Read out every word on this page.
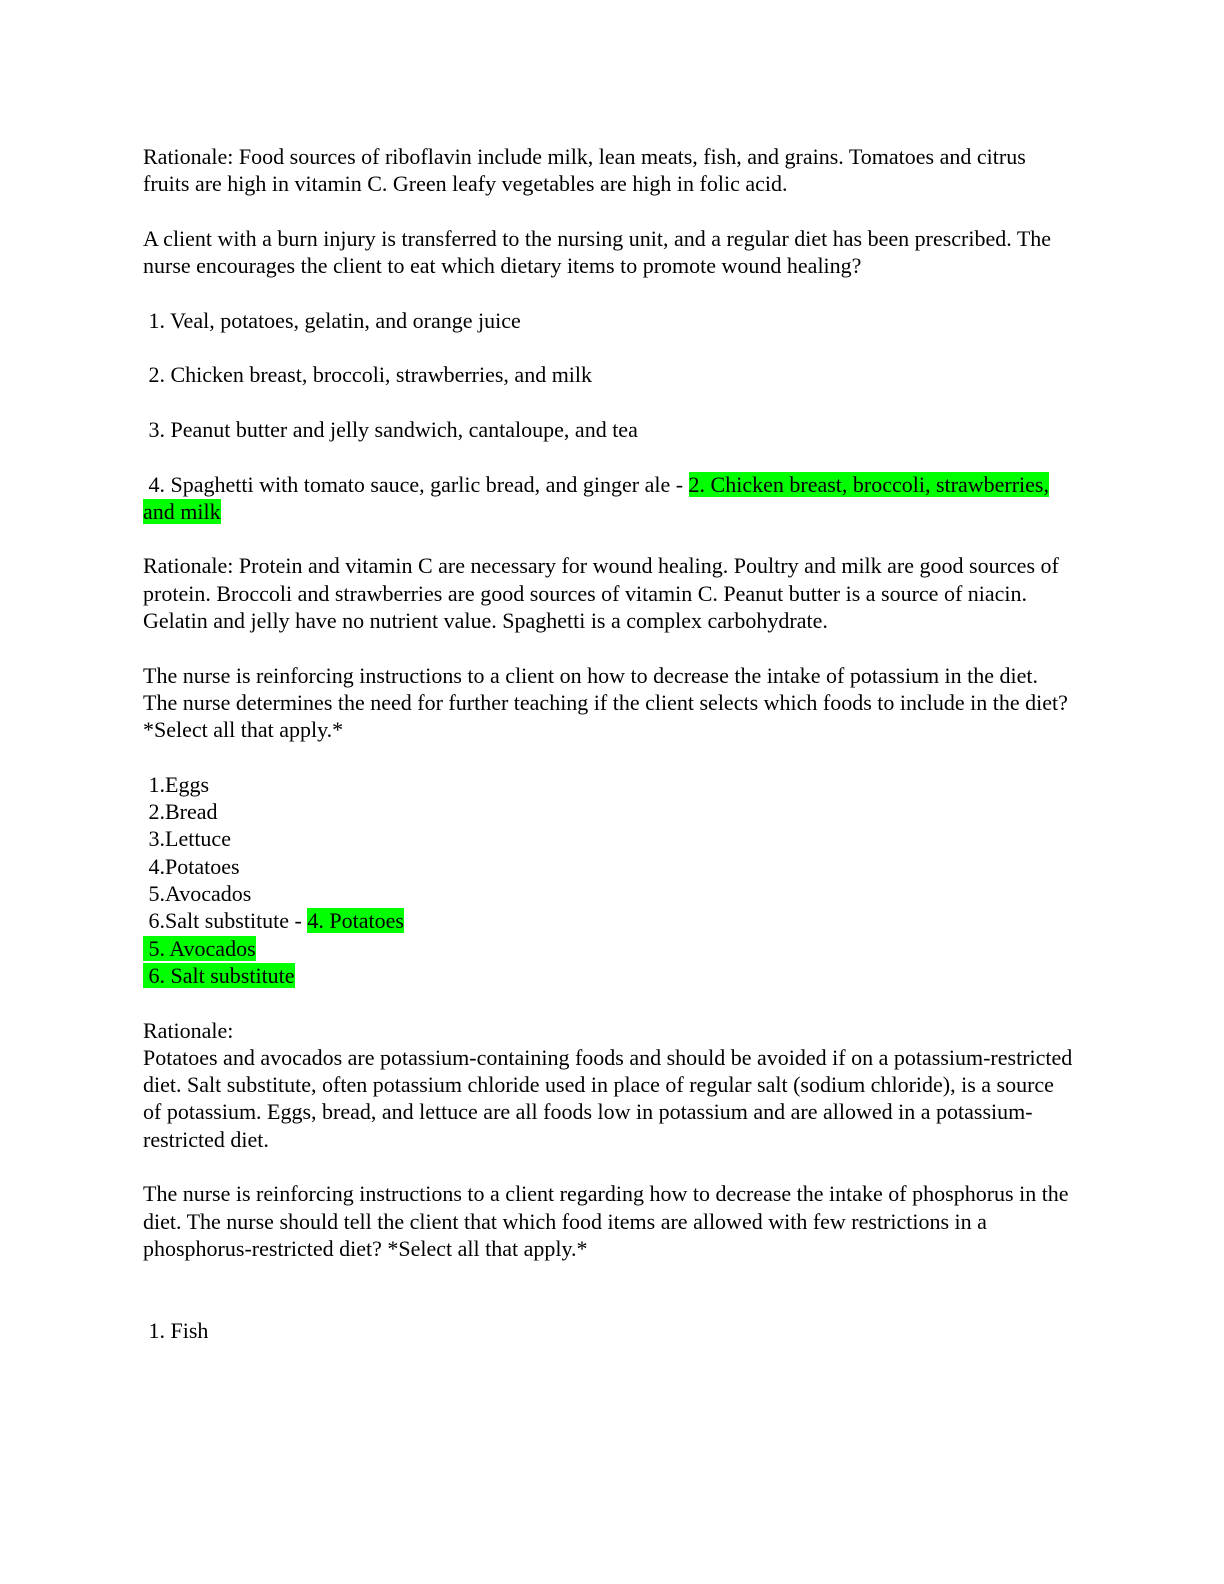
Rationale: Food sources of riboflavin include milk, lean meats, fish, and grains. Tomatoes and citrus fruits are high in vitamin C. Green leafy vegetables are high in folic acid.

A client with a burn injury is transferred to the nursing unit, and a regular diet has been prescribed. The nurse encourages the client to eat which dietary items to promote wound healing?

1. Veal, potatoes, gelatin, and orange juice

2. Chicken breast, broccoli, strawberries, and milk

3. Peanut butter and jelly sandwich, cantaloupe, and tea

4. Spaghetti with tomato sauce, garlic bread, and ginger ale - 2. Chicken breast, broccoli, strawberries, and milk

Rationale: Protein and vitamin C are necessary for wound healing. Poultry and milk are good sources of protein. Broccoli and strawberries are good sources of vitamin C. Peanut butter is a source of niacin. Gelatin and jelly have no nutrient value. Spaghetti is a complex carbohydrate.

The nurse is reinforcing instructions to a client on how to decrease the intake of potassium in the diet. The nurse determines the need for further teaching if the client selects which foods to include in the diet?

*Select all that apply.*

1.Eggs

2.Bread

3.Lettuce

4.Potatoes

5.Avocados

6.Salt substitute - 4. Potatoes

5. Avocados

6. Salt substitute

Rationale:

Potatoes and avocados are potassium-containing foods and should be avoided if on a potassium-restricted diet. Salt substitute, often potassium chloride used in place of regular salt (sodium chloride), is a source of potassium. Eggs, bread, and lettuce are all foods low in potassium and are allowed in a potassium-restricted diet.

The nurse is reinforcing instructions to a client regarding how to decrease the intake of phosphorus in the diet. The nurse should tell the client that which food items are allowed with few restrictions in a phosphorus-restricted diet? *Select all that apply.*

1. Fish
